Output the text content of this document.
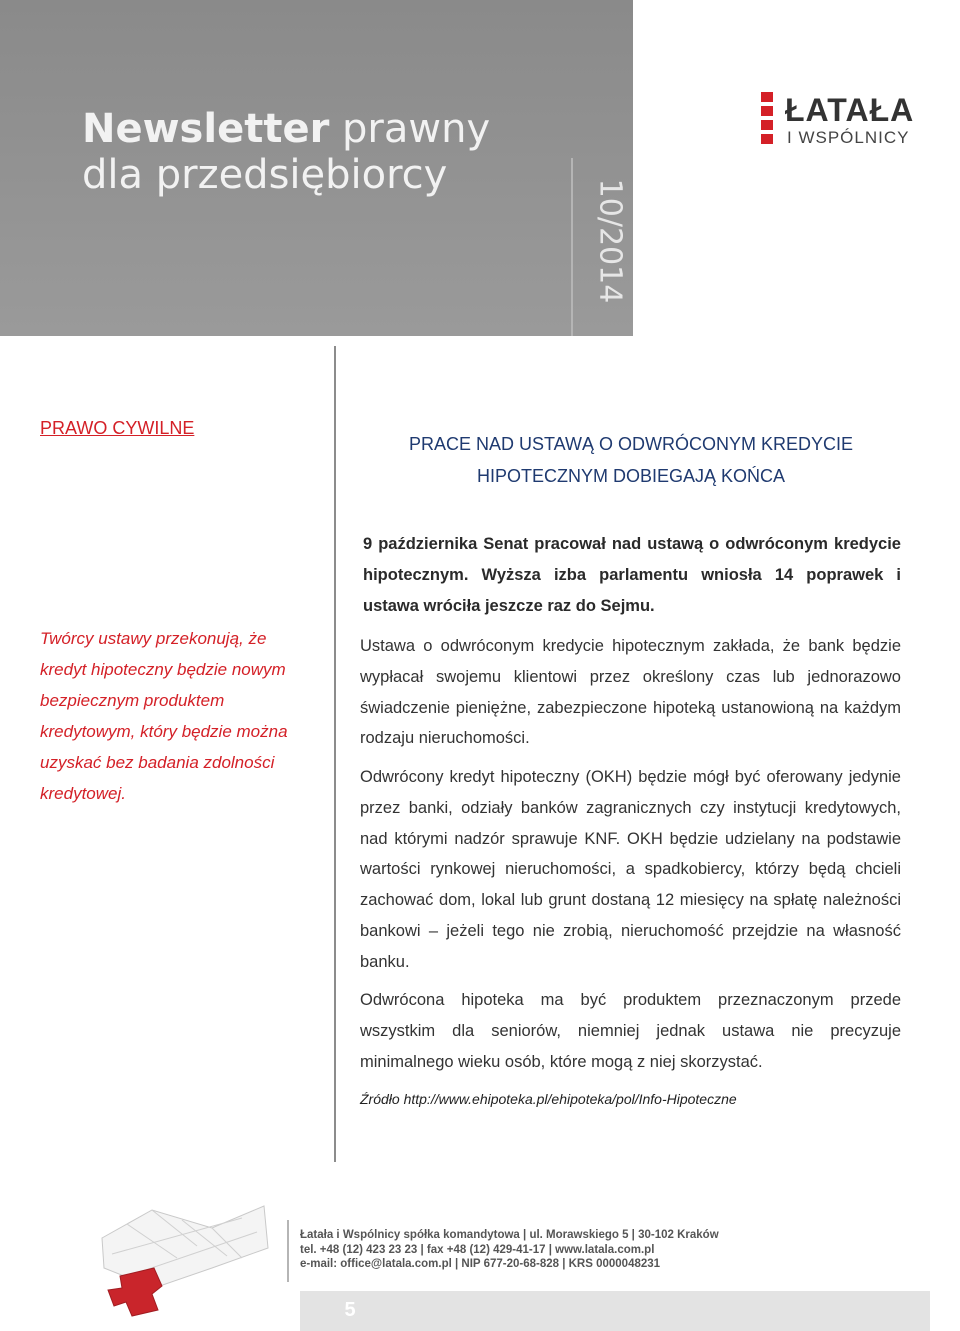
Newsletter prawny
dla przedsiębiorcy
10/2014
ŁATAŁA
I WSPÓLNICY
PRAWO CYWILNE
PRACE NAD USTAWĄ O ODWRÓCONYM KREDYCIE
HIPOTECZNYM DOBIEGAJĄ KOŃCA
9 października Senat pracował nad ustawą o odwróconym kredycie hipotecznym. Wyższa izba parlamentu wniosła 14 poprawek i ustawa wróciła jeszcze raz do Sejmu.
Twórcy ustawy przekonują, że kredyt hipoteczny będzie nowym bezpiecznym produktem kredytowym, który będzie można uzyskać bez badania zdolności kredytowej.
Ustawa o odwróconym kredycie hipotecznym zakłada, że bank będzie wypłacał swojemu klientowi przez określony czas lub jednorazowo świadczenie pieniężne, zabezpieczone hipoteką ustanowioną na każdym rodzaju nieruchomości.
Odwrócony kredyt hipoteczny (OKH) będzie mógł być oferowany jedynie przez banki, odziały banków zagranicznych czy instytucji kredytowych, nad którymi nadzór sprawuje KNF. OKH będzie udzielany na podstawie wartości rynkowej nieruchomości, a spadkobiercy, którzy będą chcieli zachować dom, lokal lub grunt dostaną 12 miesięcy na spłatę należności bankowi – jeżeli tego nie zrobią, nieruchomość przejdzie na własność banku.
Odwrócona hipoteka ma być produktem przeznaczonym przede wszystkim dla seniorów, niemniej jednak ustawa nie precyzuje minimalnego wieku osób, które mogą z niej skorzystać.
Źródło http://www.ehipoteka.pl/ehipoteka/pol/Info-Hipoteczne
Łatała i Wspólnicy spółka komandytowa | ul. Morawskiego 5 | 30-102 Kraków
tel. +48 (12) 423 23 23 | fax +48 (12) 429-41-17 | www.latala.com.pl
e-mail: office@latala.com.pl | NIP 677-20-68-828 | KRS 0000048231
5
